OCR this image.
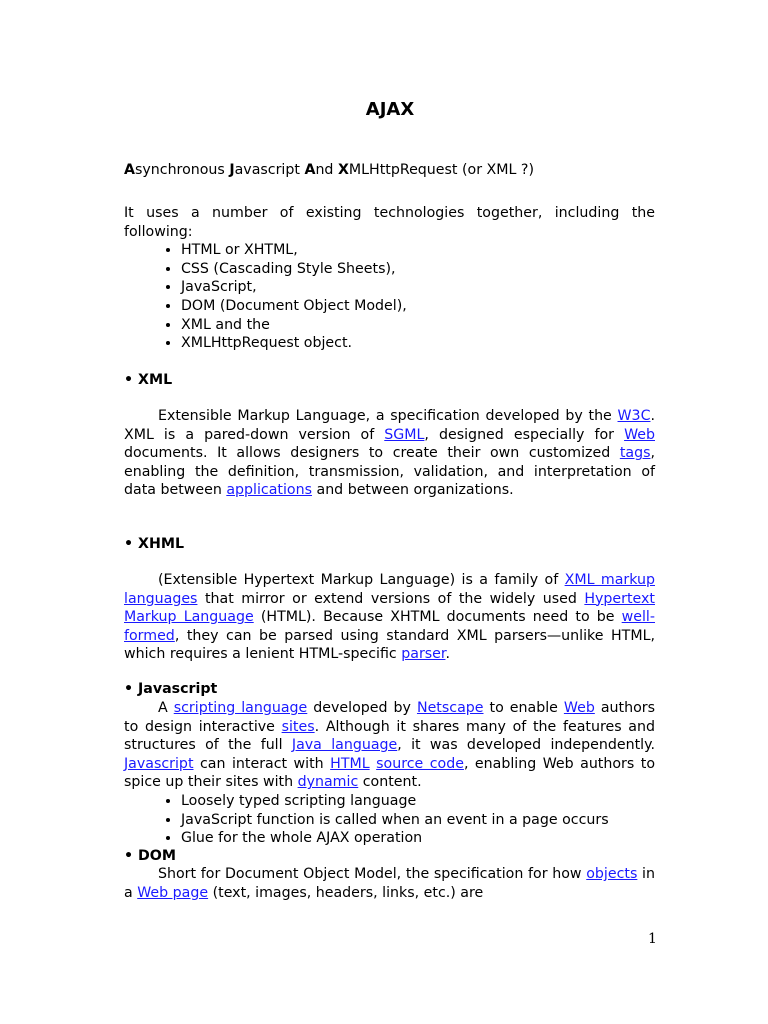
AJAX
Asynchronous Javascript And XMLHttpRequest (or XML ?)
It uses a number of existing technologies together, including the following:
• HTML or XHTML,
• CSS (Cascading Style Sheets),
• JavaScript,
• DOM (Document Object Model),
• XML and the
• XMLHttpRequest object.
• XML
Extensible Markup Language, a specification developed by the W3C. XML is a pared-down version of SGML, designed especially for Web documents. It allows designers to create their own customized tags, enabling the definition, transmission, validation, and interpretation of data between applications and between organizations.
• XHML
(Extensible Hypertext Markup Language) is a family of XML markup languages that mirror or extend versions of the widely used Hypertext Markup Language (HTML). Because XHTML documents need to be well-formed, they can be parsed using standard XML parsers—unlike HTML, which requires a lenient HTML-specific parser.
• Javascript
A scripting language developed by Netscape to enable Web authors to design interactive sites. Although it shares many of the features and structures of the full Java language, it was developed independently. Javascript can interact with HTML source code, enabling Web authors to spice up their sites with dynamic content.
• Loosely typed scripting language
• JavaScript function is called when an event in a page occurs
• Glue for the whole AJAX operation
• DOM
Short for Document Object Model, the specification for how objects in a Web page (text, images, headers, links, etc.) are
1
